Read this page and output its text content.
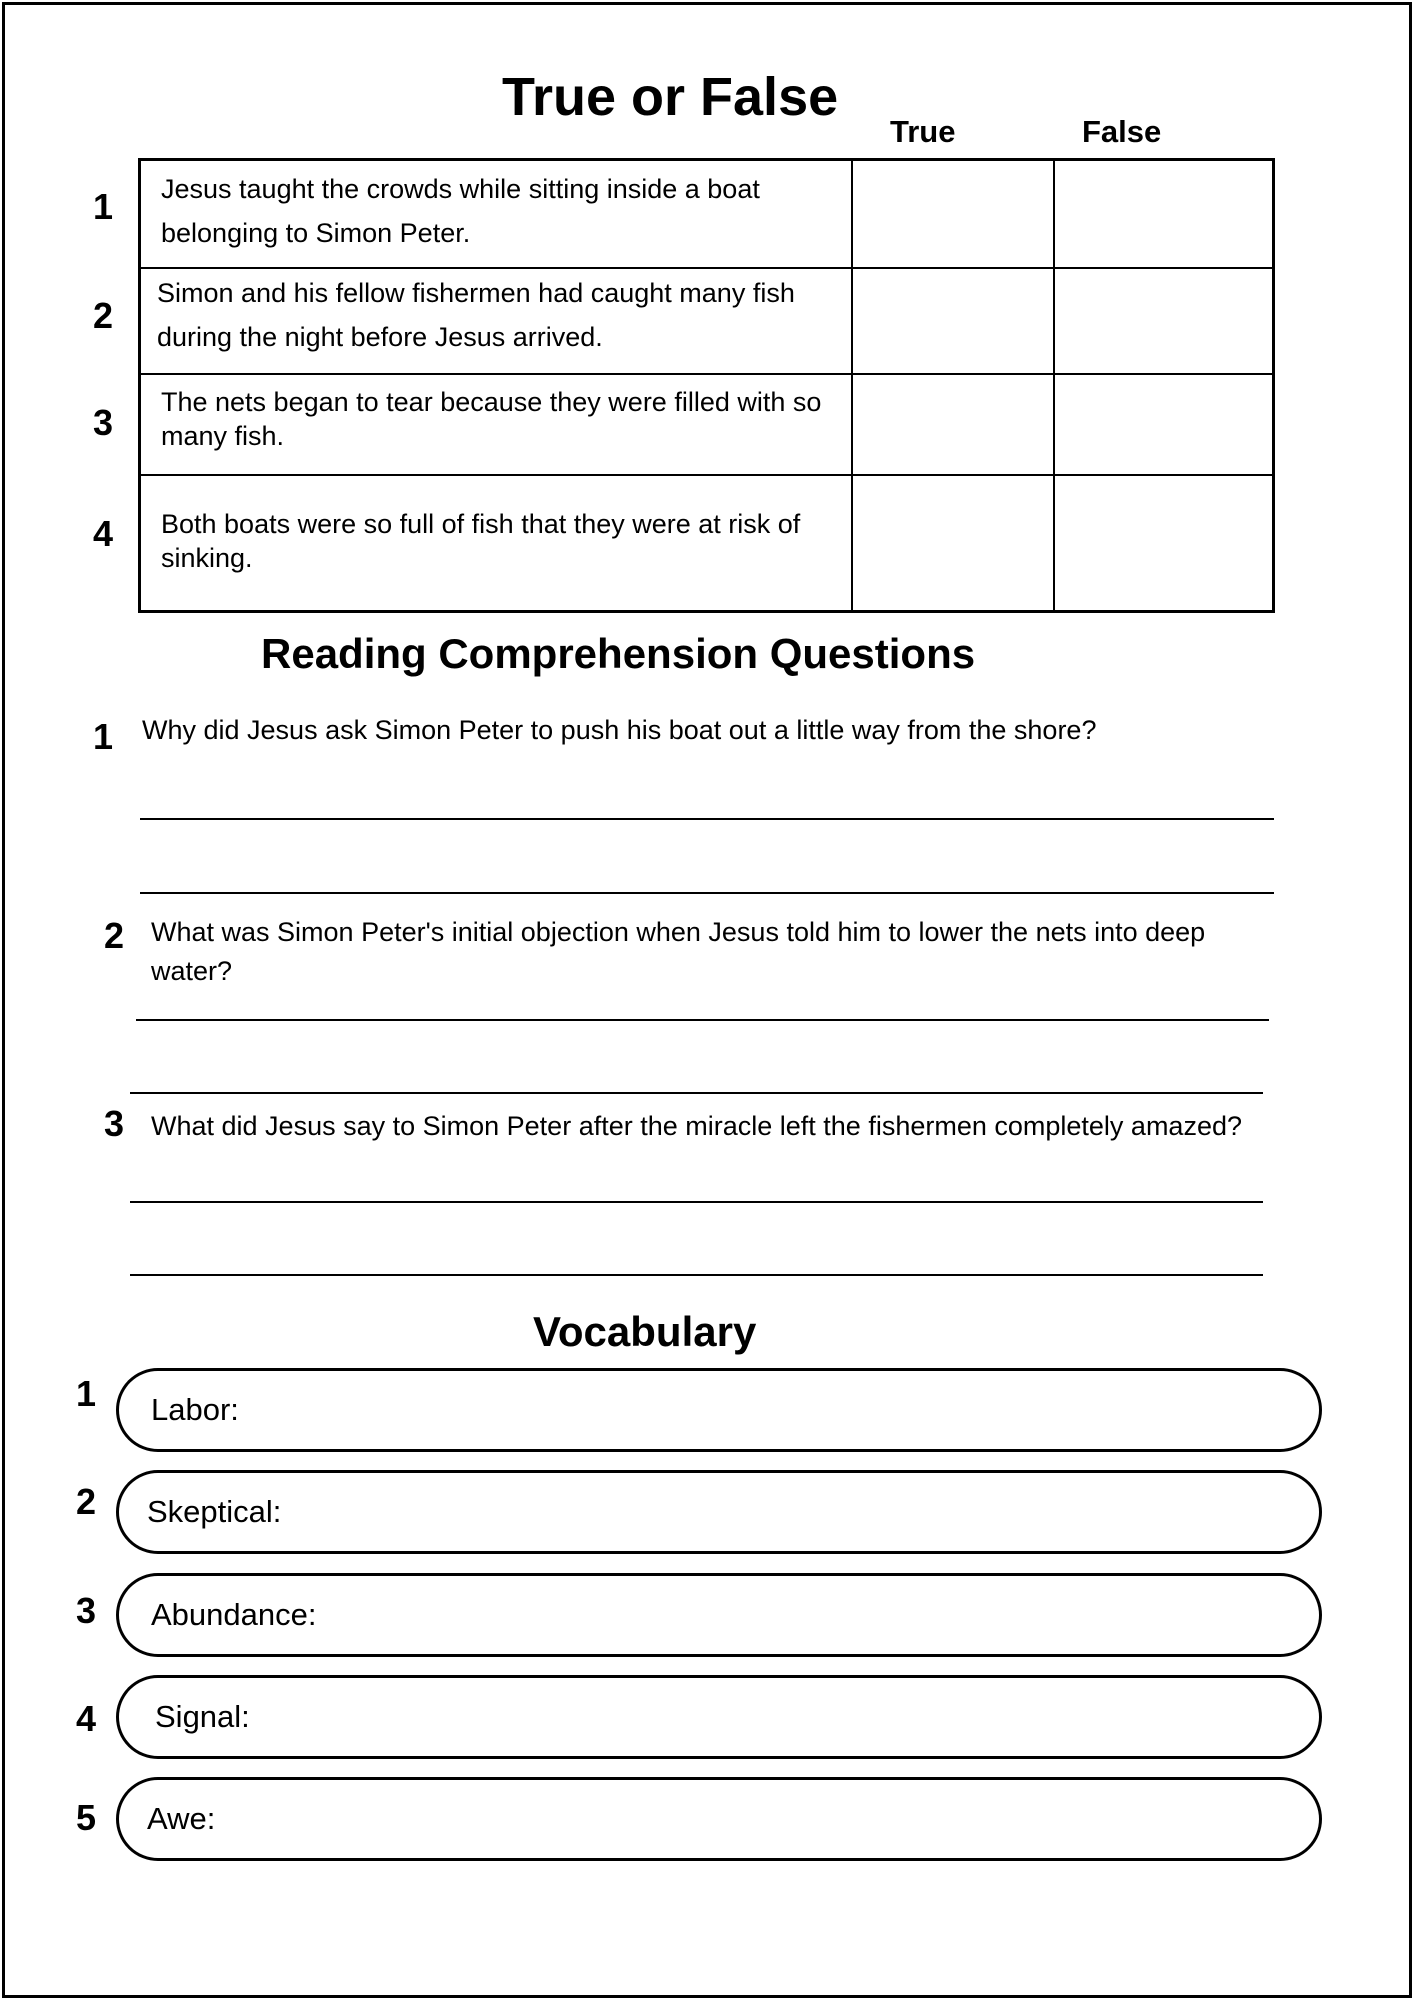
True or False
True	False
1
2
3
4
Jesus taught the crowds while sitting inside a boat belonging to Simon Peter.
Simon and his fellow fishermen had caught many fish during the night before Jesus arrived.
The nets began to tear because they were filled with so many fish.
Both boats were so full of fish that they were at risk of sinking.
Reading Comprehension Questions
1 Why did Jesus ask Simon Peter to push his boat out a little way from the shore?
2 What was Simon Peter's initial objection when Jesus told him to lower the nets into deep water?
3 What did Jesus say to Simon Peter after the miracle left the fishermen completely amazed?
Vocabulary
1 Labor:
2 Skeptical:
3 Abundance:
4 Signal:
5 Awe:
